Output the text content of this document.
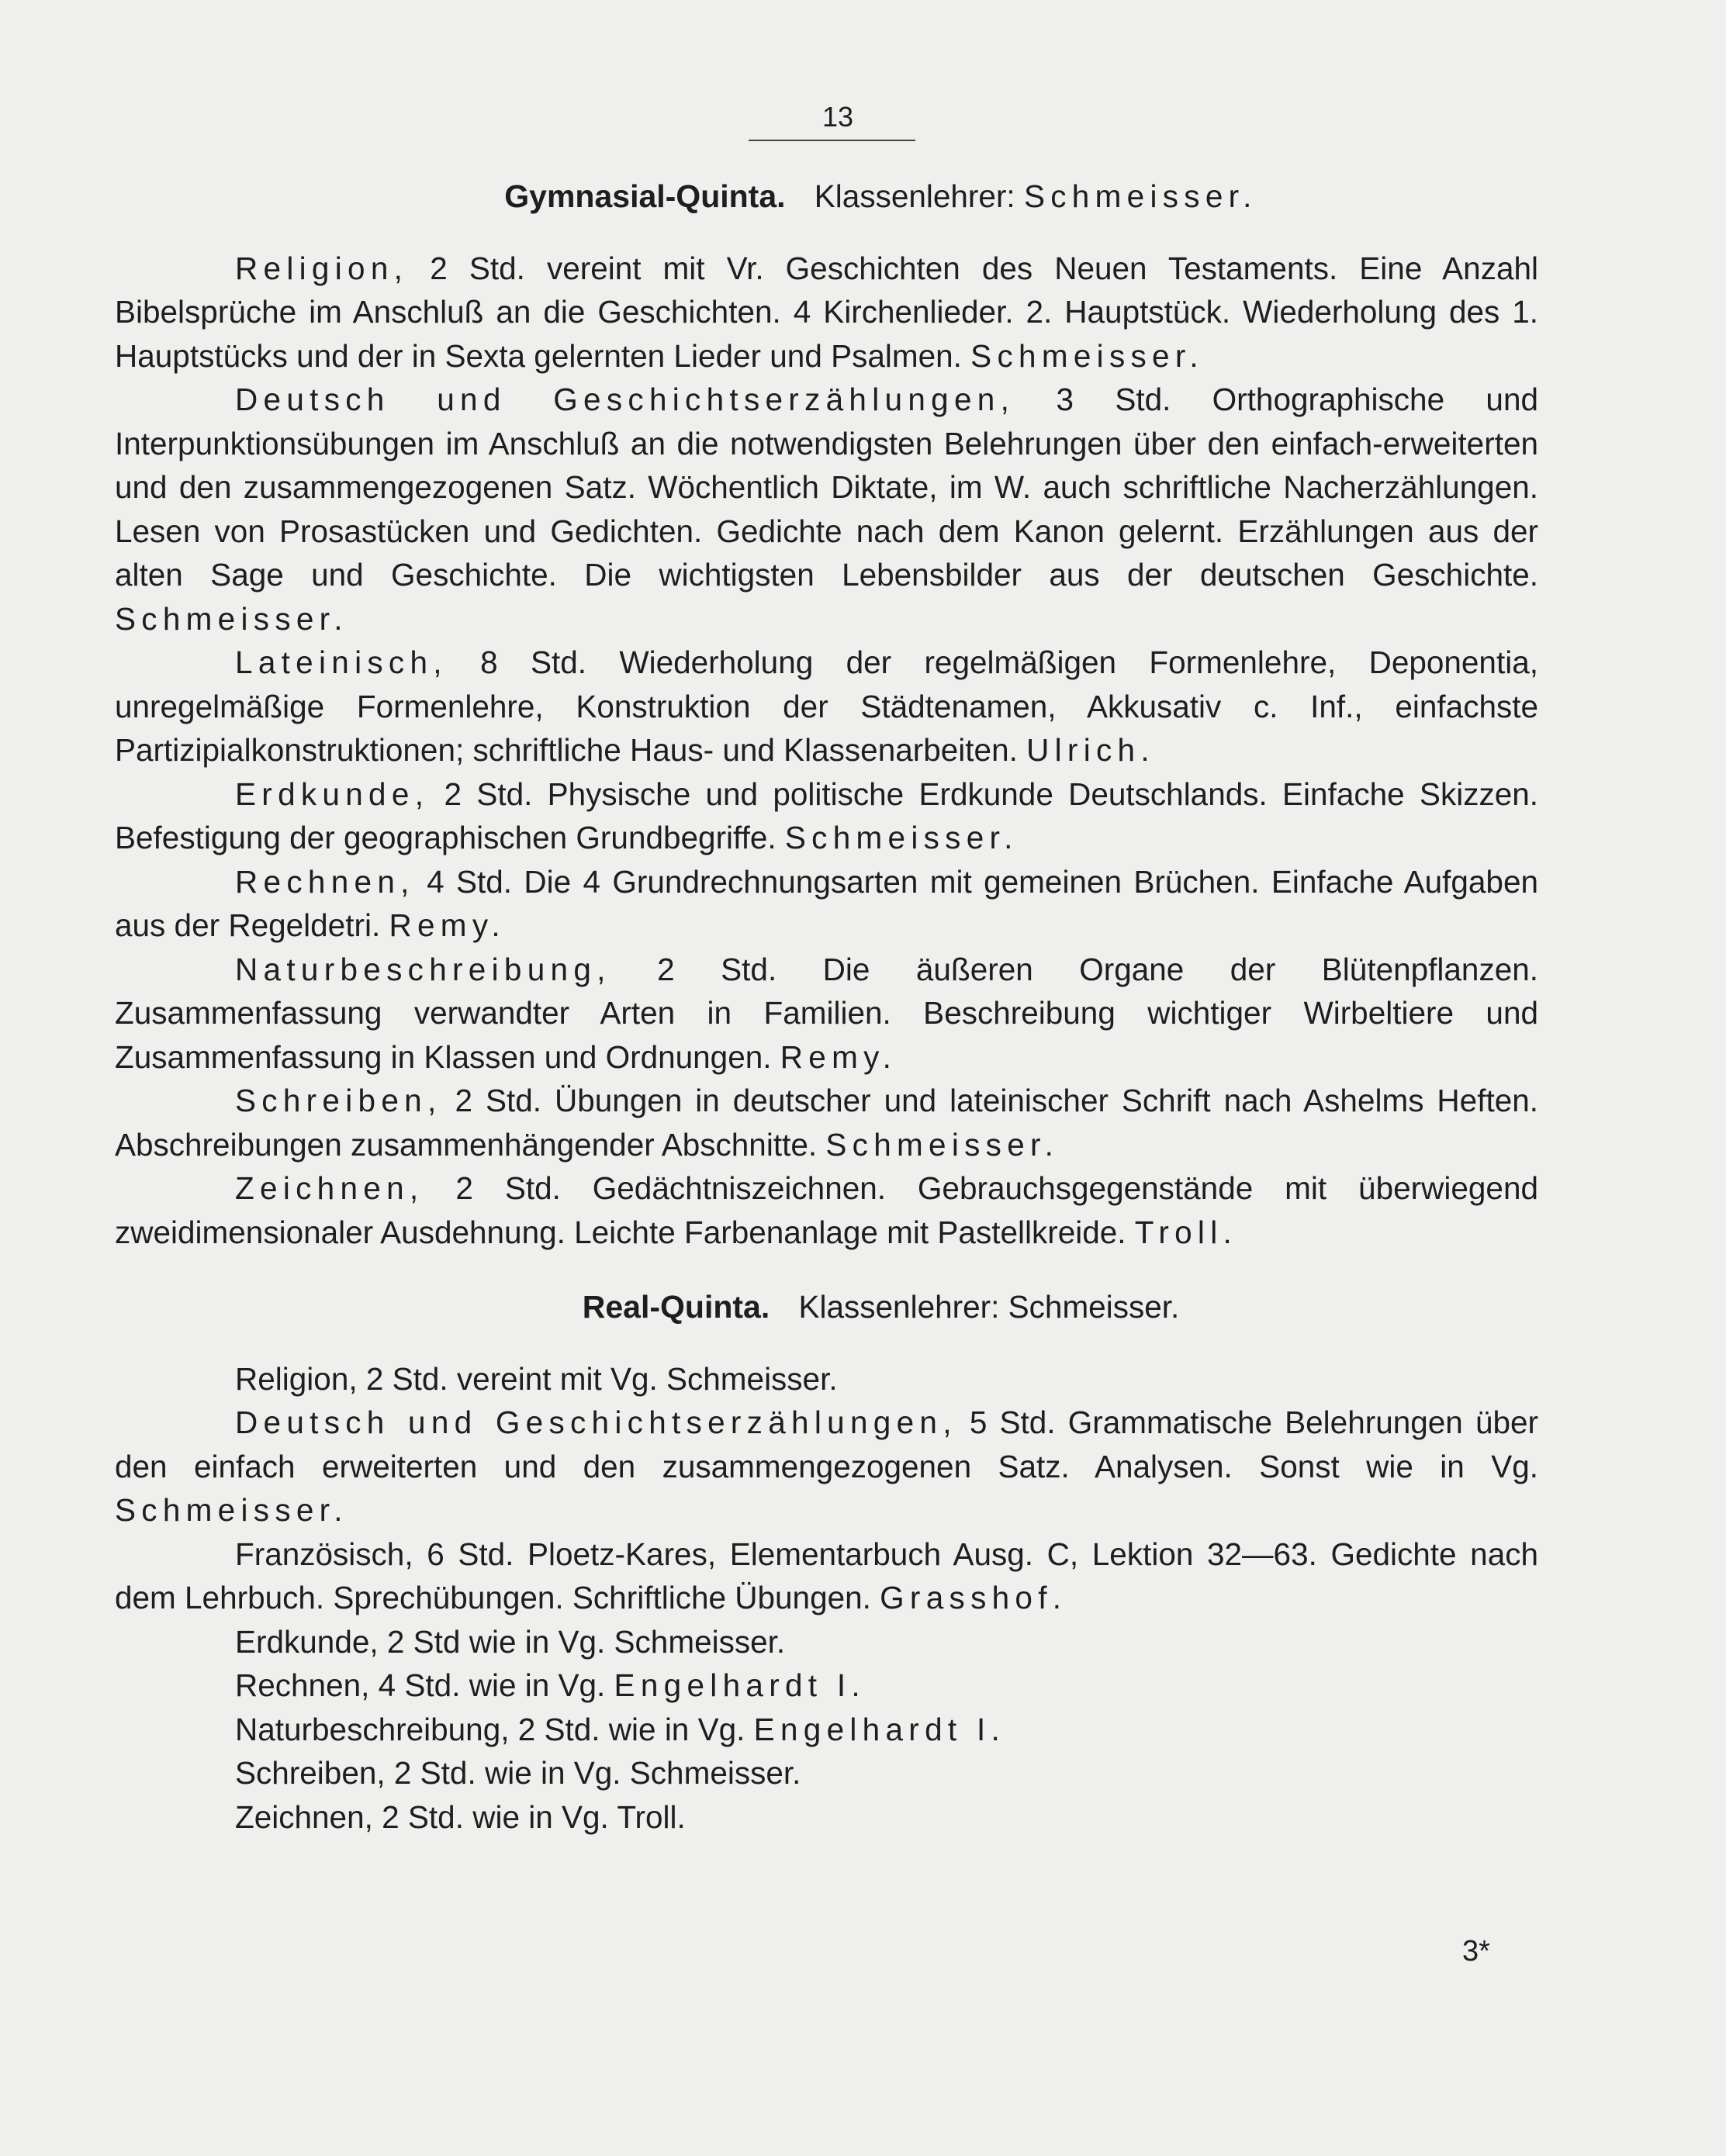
13
Gymnasial-Quinta. Klassenlehrer: Schmeisser.

Religion, 2 Std. vereint mit Vr. Geschichten des Neuen Testaments. Eine Anzahl Bibelsprüche im Anschluß an die Geschichten. 4 Kirchenlieder. 2. Hauptstück. Wiederholung des 1. Hauptstücks und der in Sexta gelernten Lieder und Psalmen. Schmeisser.

Deutsch und Geschichtserzählungen, 3 Std. Orthographische und Interpunktionsübungen im Anschluß an die notwendigsten Belehrungen über den einfach-erweiterten und den zusammengezogenen Satz. Wöchentlich Diktate, im W. auch schriftliche Nacherzählungen. Lesen von Prosastücken und Gedichten. Gedichte nach dem Kanon gelernt. Erzählungen aus der alten Sage und Geschichte. Die wichtigsten Lebensbilder aus der deutschen Geschichte. Schmeisser.

Lateinisch, 8 Std. Wiederholung der regelmäßigen Formenlehre, Deponentia, unregelmäßige Formenlehre, Konstruktion der Städtenamen, Akkusativ c. Inf., einfachste Partizipialkonstruktionen; schriftliche Haus- und Klassenarbeiten. Ulrich.

Erdkunde, 2 Std. Physische und politische Erdkunde Deutschlands. Einfache Skizzen. Befestigung der geographischen Grundbegriffe. Schmeisser.

Rechnen, 4 Std. Die 4 Grundrechnungsarten mit gemeinen Brüchen. Einfache Aufgaben aus der Regeldetri. Remy.

Naturbeschreibung, 2 Std. Die äußeren Organe der Blütenpflanzen. Zusammenfassung verwandter Arten in Familien. Beschreibung wichtiger Wirbeltiere und Zusammenfassung in Klassen und Ordnungen. Remy.

Schreiben, 2 Std. Übungen in deutscher und lateinischer Schrift nach Ashelms Heften. Abschreibungen zusammenhängender Abschnitte. Schmeisser.

Zeichnen, 2 Std. Gedächtniszeichnen. Gebrauchsgegenstände mit überwiegend zweidimensionaler Ausdehnung. Leichte Farbenanlage mit Pastellkreide. Troll.

Real-Quinta. Klassenlehrer: Schmeisser.

Religion, 2 Std. vereint mit Vg. Schmeisser.

Deutsch und Geschichtserzählungen, 5 Std. Grammatische Belehrungen über den einfach erweiterten und den zusammengezogenen Satz. Analysen. Sonst wie in Vg. Schmeisser.

Französisch, 6 Std. Ploetz-Kares, Elementarbuch Ausg. C, Lektion 32—63. Gedichte nach dem Lehrbuch. Sprechübungen. Schriftliche Übungen. Grasshof.

Erdkunde, 2 Std wie in Vg. Schmeisser.

Rechnen, 4 Std. wie in Vg. Engelhardt I.

Naturbeschreibung, 2 Std. wie in Vg. Engelhardt I.

Schreiben, 2 Std. wie in Vg. Schmeisser.

Zeichnen, 2 Std. wie in Vg. Troll.

3*
